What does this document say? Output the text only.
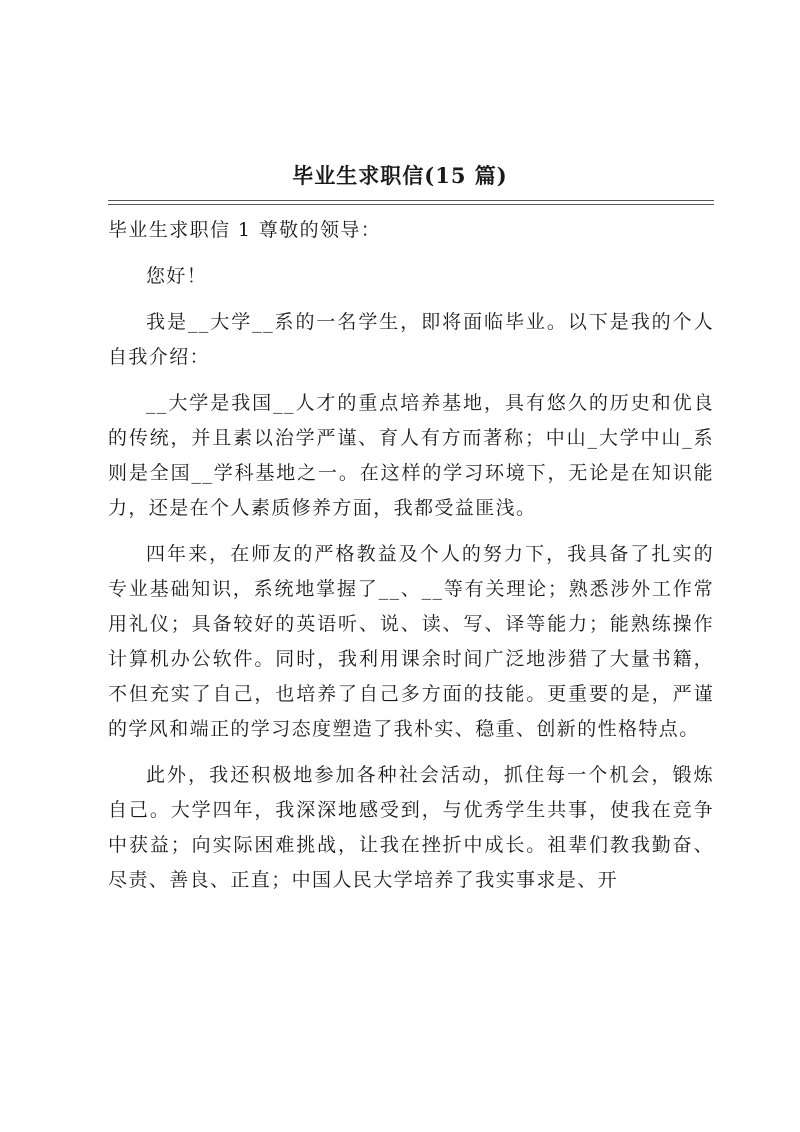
毕业生求职信(15 篇)

毕业生求职信 1 尊敬的领导：

您好！

我是__大学__系的一名学生，即将面临毕业。以下是我的个人自我介绍：

__大学是我国__人才的重点培养基地，具有悠久的历史和优良的传统，并且素以治学严谨、育人有方而著称；中山_大学中山_系则是全国__学科基地之一。在这样的学习环境下，无论是在知识能力，还是在个人素质修养方面，我都受益匪浅。

四年来，在师友的严格教益及个人的努力下，我具备了扎实的专业基础知识，系统地掌握了__、__等有关理论；熟悉涉外工作常用礼仪；具备较好的英语听、说、读、写、译等能力；能熟练操作计算机办公软件。同时，我利用课余时间广泛地涉猎了大量书籍，不但充实了自己，也培养了自己多方面的技能。更重要的是，严谨的学风和端正的学习态度塑造了我朴实、稳重、创新的性格特点。

此外，我还积极地参加各种社会活动，抓住每一个机会，锻炼自己。大学四年，我深深地感受到，与优秀学生共事，使我在竞争中获益；向实际困难挑战，让我在挫折中成长。祖辈们教我勤奋、尽责、善良、正直；中国人民大学培养了我实事求是、开
